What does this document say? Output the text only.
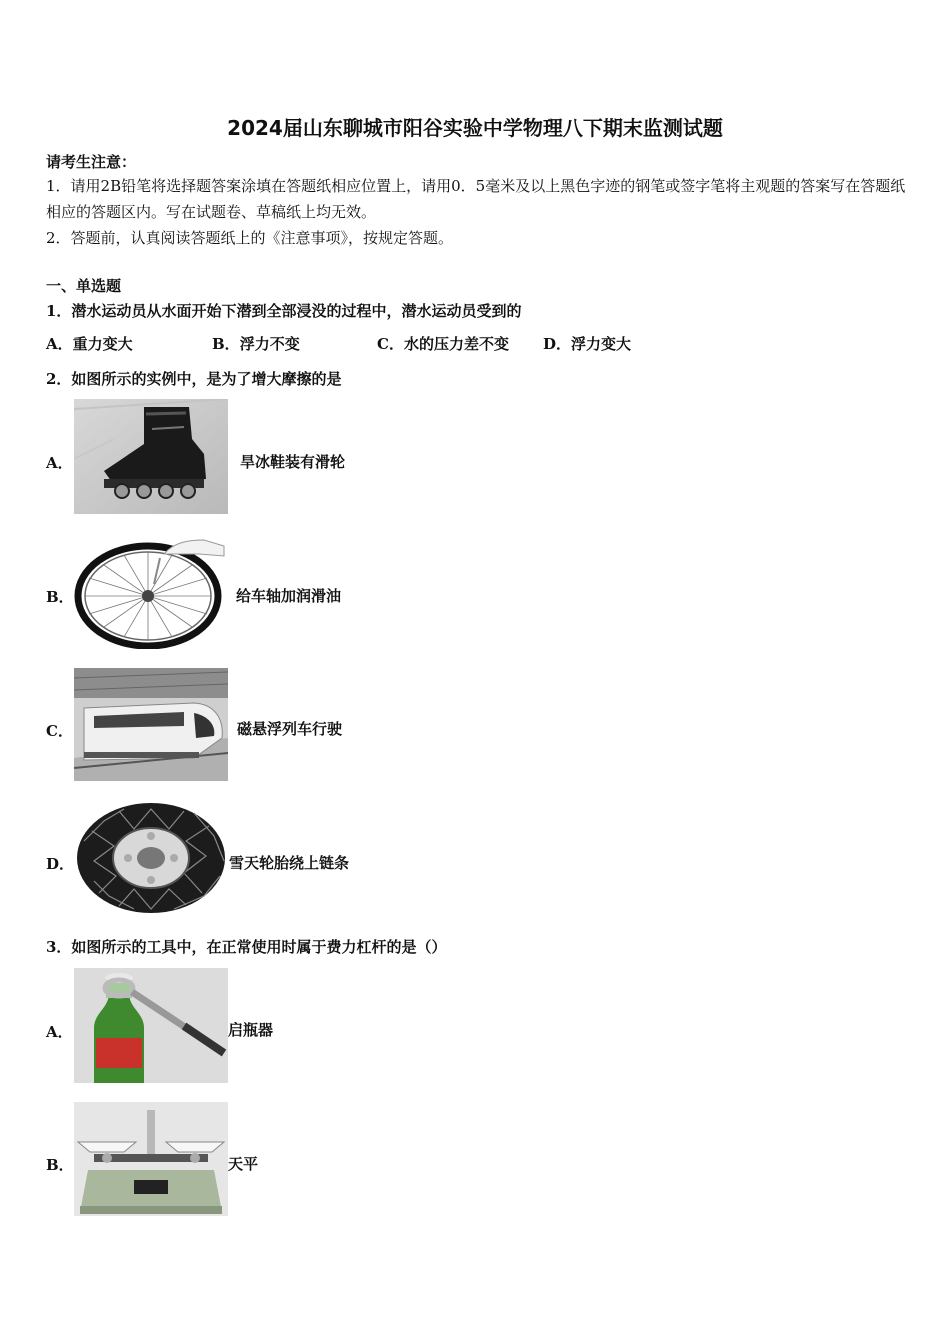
2024届山东聊城市阳谷实验中学物理八下期末监测试题
请考生注意：
1．请用2B铅笔将选择题答案涂填在答题纸相应位置上，请用0．5毫米及以上黑色字迹的钢笔或签字笔将主观题的答案写在答题纸相应的答题区内。写在试题卷、草稿纸上均无效。
2．答题前，认真阅读答题纸上的《注意事项》，按规定答题。
一、单选题
1．潜水运动员从水面开始下潜到全部浸没的过程中，潜水运动员受到的
A．重力变大	B．浮力不变	C．水的压力差不变 D．浮力变大
2．如图所示的实例中，是为了增大摩擦的是
A．	旱冰鞋装有滑轮
B．	给车轴加润滑油
C．	磁悬浮列车行驶
D．	雪天轮胎绕上链条
3．如图所示的工具中，在正常使用时属于费力杠杆的是（）
A．	启瓶器
B．	天平
